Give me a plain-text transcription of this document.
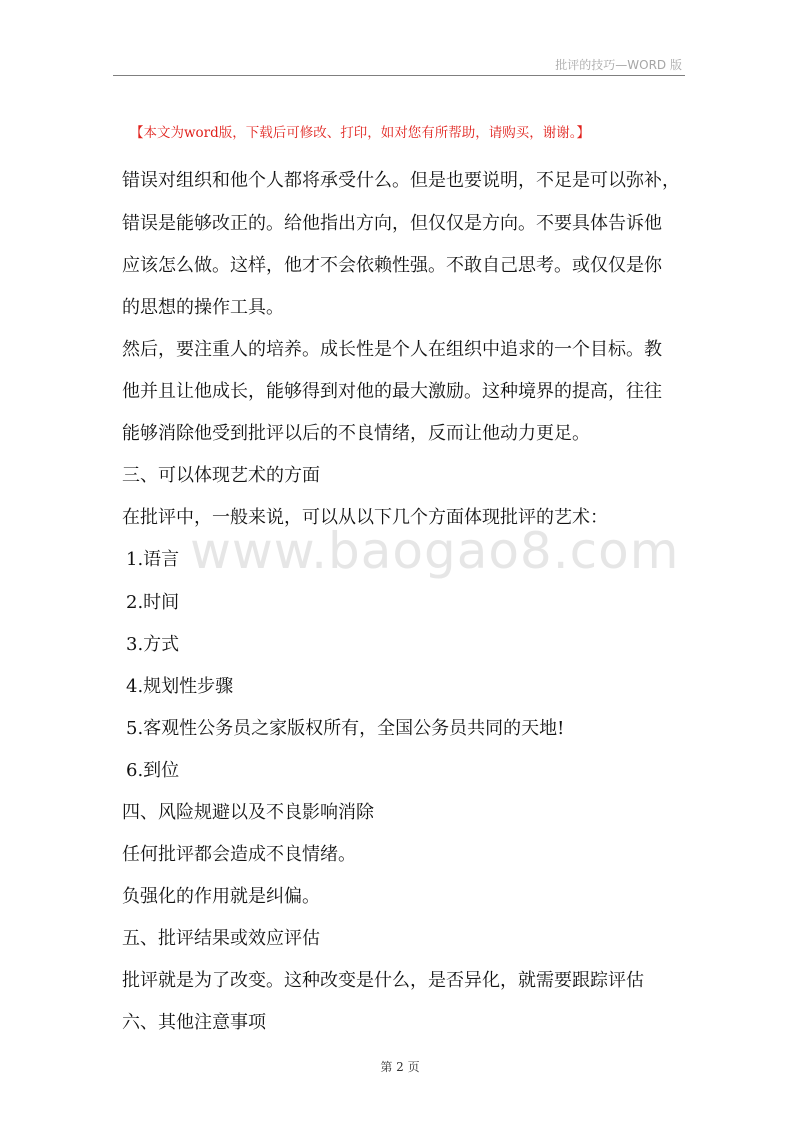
批评的技巧—WORD 版
【本文为word版，下载后可修改、打印，如对您有所帮助，请购买，谢谢。】
www.baogao8.com
错误对组织和他个人都将承受什么。但是也要说明，不足是可以弥补，
错误是能够改正的。给他指出方向，但仅仅是方向。不要具体告诉他
应该怎么做。这样，他才不会依赖性强。不敢自己思考。或仅仅是你
的思想的操作工具。
然后，要注重人的培养。成长性是个人在组织中追求的一个目标。教
他并且让他成长，能够得到对他的最大激励。这种境界的提高，往往
能够消除他受到批评以后的不良情绪，反而让他动力更足。
三、可以体现艺术的方面
在批评中，一般来说，可以从以下几个方面体现批评的艺术：
1.语言
2.时间
3.方式
4.规划性步骤
5.客观性公务员之家版权所有，全国公务员共同的天地!
6.到位
四、风险规避以及不良影响消除
任何批评都会造成不良情绪。
负强化的作用就是纠偏。
五、批评结果或效应评估
批评就是为了改变。这种改变是什么，是否异化，就需要跟踪评估
六、其他注意事项
第 2 页
